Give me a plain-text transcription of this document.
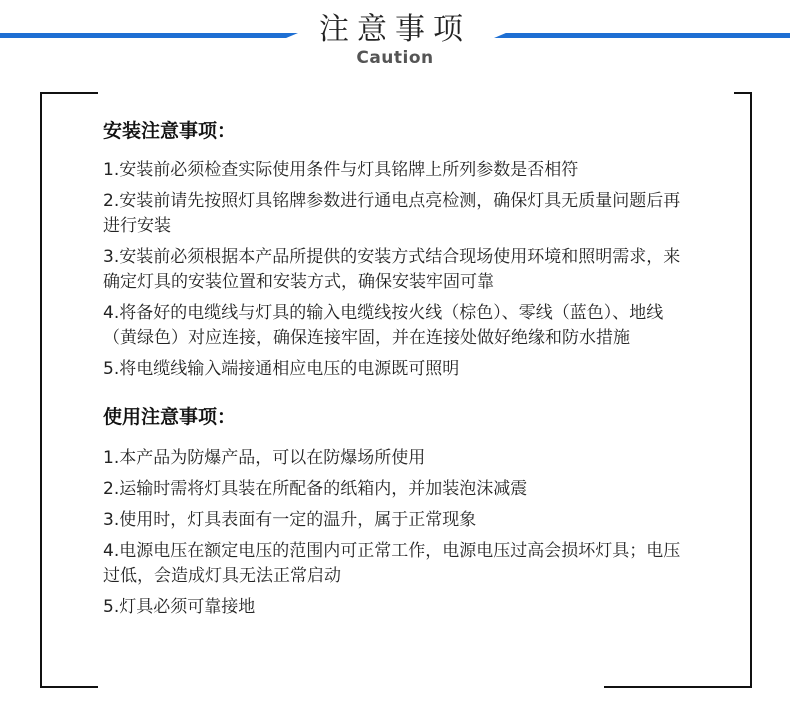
注意事项
Caution
安装注意事项：

1.安装前必须检查实际使用条件与灯具铭牌上所列参数是否相符

2.安装前请先按照灯具铭牌参数进行通电点亮检测，确保灯具无质量问题后再进行安装

3.安装前必须根据本产品所提供的安装方式结合现场使用环境和照明需求，来确定灯具的安装位置和安装方式，确保安装牢固可靠

4.将备好的电缆线与灯具的输入电缆线按火线（棕色）、零线（蓝色）、地线（黄绿色）对应连接，确保连接牢固，并在连接处做好绝缘和防水措施

5.将电缆线输入端接通相应电压的电源既可照明

使用注意事项：

1.本产品为防爆产品，可以在防爆场所使用

2.运输时需将灯具装在所配备的纸箱内，并加装泡沫减震

3.使用时，灯具表面有一定的温升，属于正常现象

4.电源电压在额定电压的范围内可正常工作，电源电压过高会损坏灯具；电压过低，会造成灯具无法正常启动

5.灯具必须可靠接地
